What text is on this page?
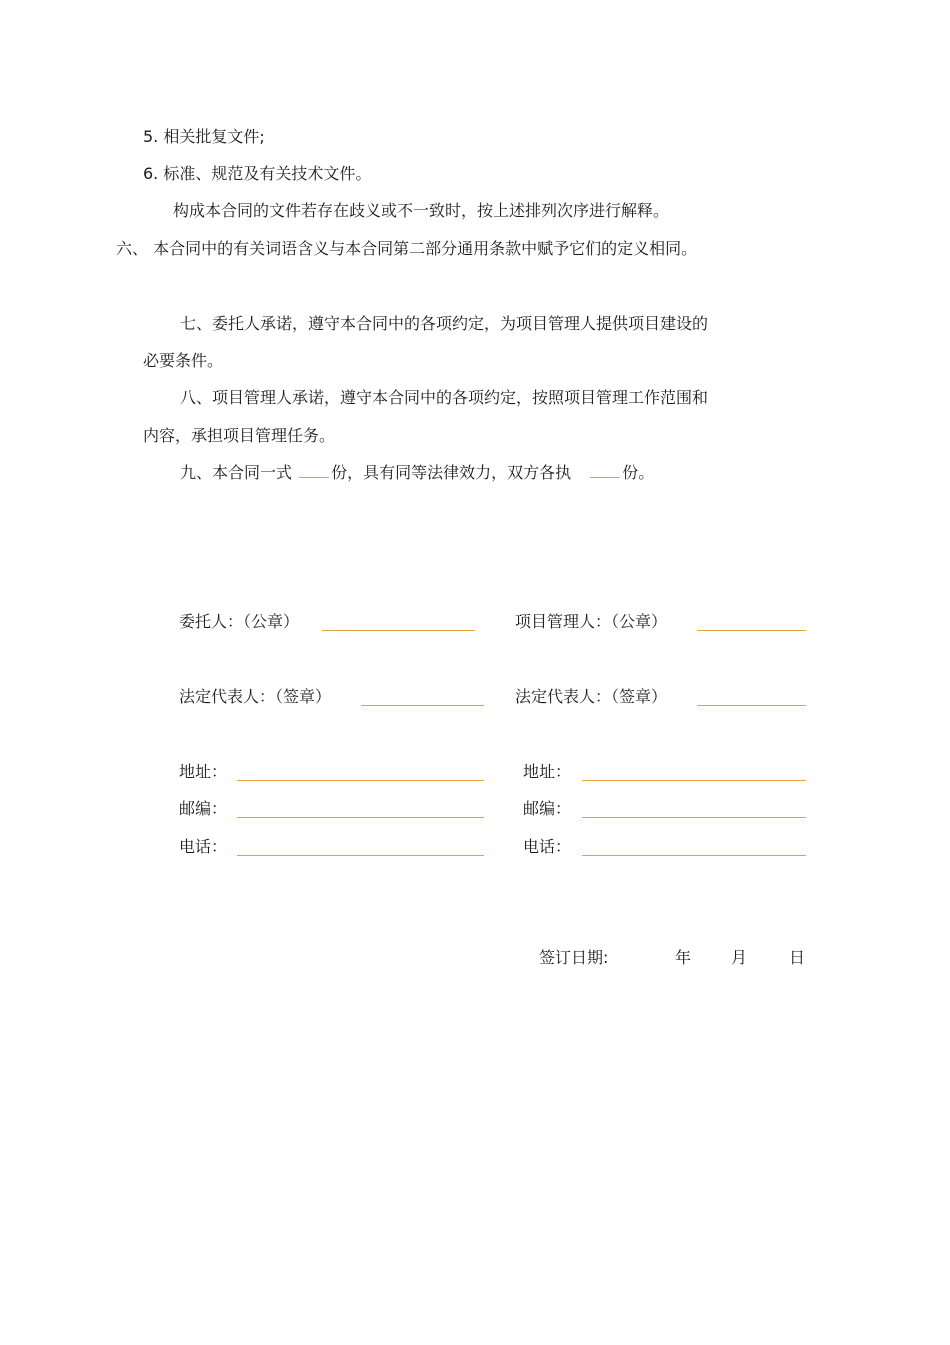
5. 相关批复文件;
6. 标准、规范及有关技术文件。
构成本合同的文件若存在歧义或不一致时，按上述排列次序进行解释。
六、 本合同中的有关词语含义与本合同第二部分通用条款中赋予它们的定义相同。
七、委托人承诺，遵守本合同中的各项约定，为项目管理人提供项目建设的
必要条件。
八、项目管理人承诺，遵守本合同中的各项约定，按照项目管理工作范围和
内容，承担项目管理任务。
九、本合同一式 份，具有同等法律效力，双方各执	份。
委托人：（公章）	项目管理人：（公章）
法定代表人：（签章）	法定代表人：（签章）
地址：	地址：
邮编：	邮编：
电话：	电话：
签订日期:	年 月	日
